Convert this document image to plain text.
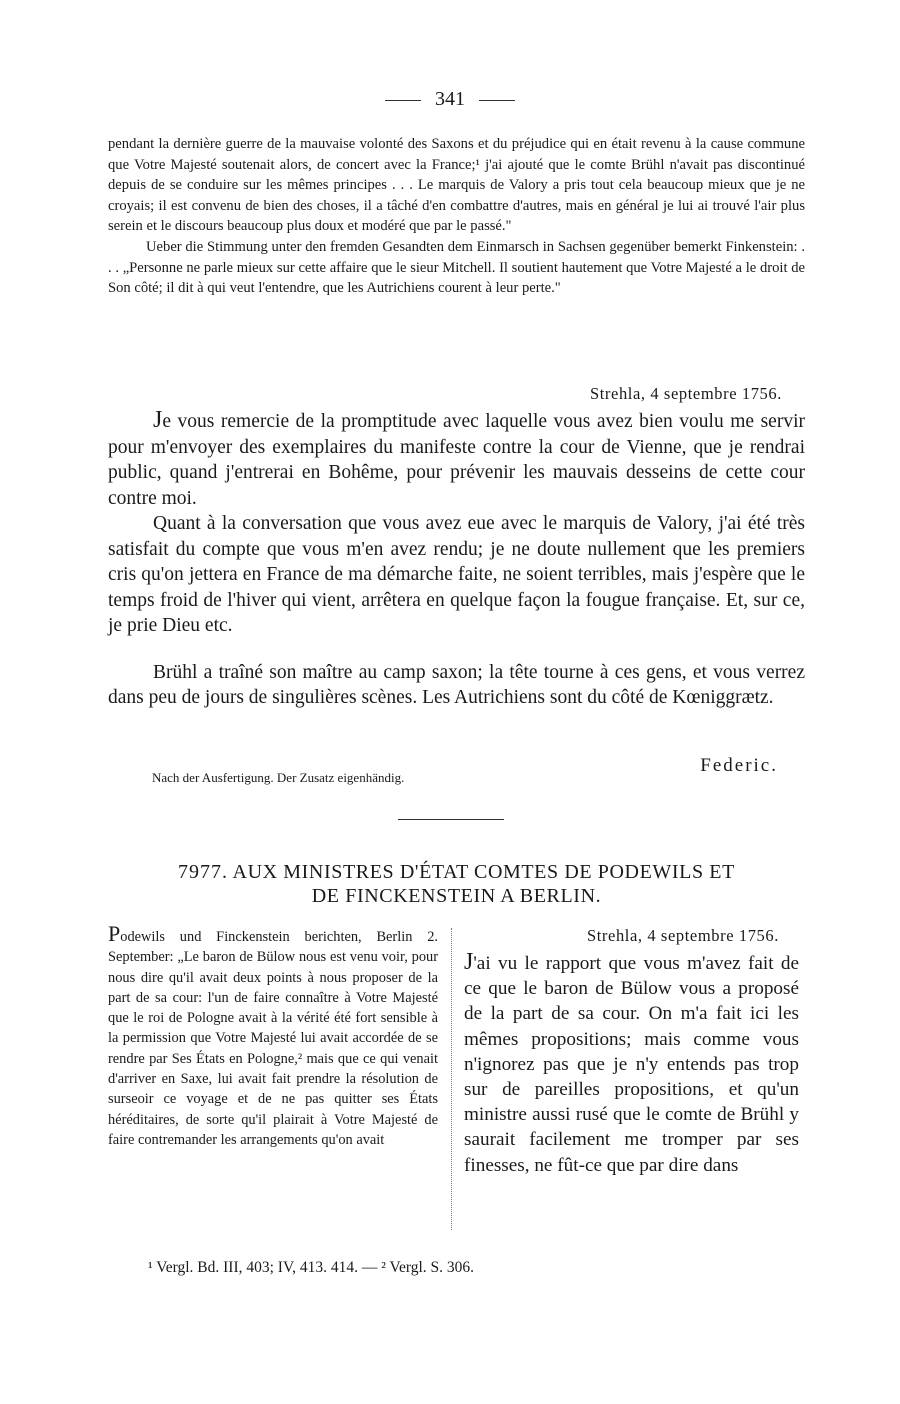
341

pendant la dernière guerre de la mauvaise volonté des Saxons et du préjudice qui en était revenu à la cause commune que Votre Majesté soutenait alors, de concert avec la France;¹ j'ai ajouté que le comte Brühl n'avait pas discontinué depuis de se conduire sur les mêmes principes . . . Le marquis de Valory a pris tout cela beaucoup mieux que je ne croyais; il est convenu de bien des choses, il a tâché d'en combattre d'autres, mais en général je lui ai trouvé l'air plus serein et le discours beaucoup plus doux et modéré que par le passé."

Ueber die Stimmung unter den fremden Gesandten dem Einmarsch in Sachsen gegenüber bemerkt Finkenstein: . . . „Personne ne parle mieux sur cette affaire que le sieur Mitchell. Il soutient hautement que Votre Majesté a le droit de Son côté; il dit à qui veut l'entendre, que les Autrichiens courent à leur perte."

Strehla, 4 septembre 1756.

Je vous remercie de la promptitude avec laquelle vous avez bien voulu me servir pour m'envoyer des exemplaires du manifeste contre la cour de Vienne, que je rendrai public, quand j'entrerai en Bohême, pour prévenir les mauvais desseins de cette cour contre moi.

Quant à la conversation que vous avez eue avec le marquis de Valory, j'ai été très satisfait du compte que vous m'en avez rendu; je ne doute nullement que les premiers cris qu'on jettera en France de ma démarche faite, ne soient terribles, mais j'espère que le temps froid de l'hiver qui vient, arrêtera en quelque façon la fougue française. Et, sur ce, je prie Dieu etc.

Brühl a traîné son maître au camp saxon; la tête tourne à ces gens, et vous verrez dans peu de jours de singulières scènes. Les Autrichiens sont du côté de Kœniggrætz.

Federic.
Nach der Ausfertigung. Der Zusatz eigenhändig.
7977. AUX MINISTRES D'ÉTAT COMTES DE PODEWILS ET
DE FINCKENSTEIN A BERLIN.
Podewils und Finckenstein berichten, Berlin 2. September: „Le baron de Bülow nous est venu voir, pour nous dire qu'il avait deux points à nous proposer de la part de sa cour: l'un de faire connaître à Votre Majesté que le roi de Pologne avait à la vérité été fort sensible à la permission que Votre Majesté lui avait accordée de se rendre par Ses États en Pologne,² mais que ce qui venait d'arriver en Saxe, lui avait fait prendre la résolution de surseoir ce voyage et de ne pas quitter ses États héréditaires, de sorte qu'il plairait à Votre Majesté de faire contremander les arrangements qu'on avait
Strehla, 4 septembre 1756.
J'ai vu le rapport que vous m'avez fait de ce que le baron de Bülow vous a proposé de la part de sa cour. On m'a fait ici les mêmes propositions; mais comme vous n'ignorez pas que je n'y entends pas trop sur de pareilles propositions, et qu'un ministre aussi rusé que le comte de Brühl y saurait facilement me tromper par ses finesses, ne fût-ce que par dire dans
¹ Vergl. Bd. III, 403; IV, 413. 414. — ² Vergl. S. 306.
